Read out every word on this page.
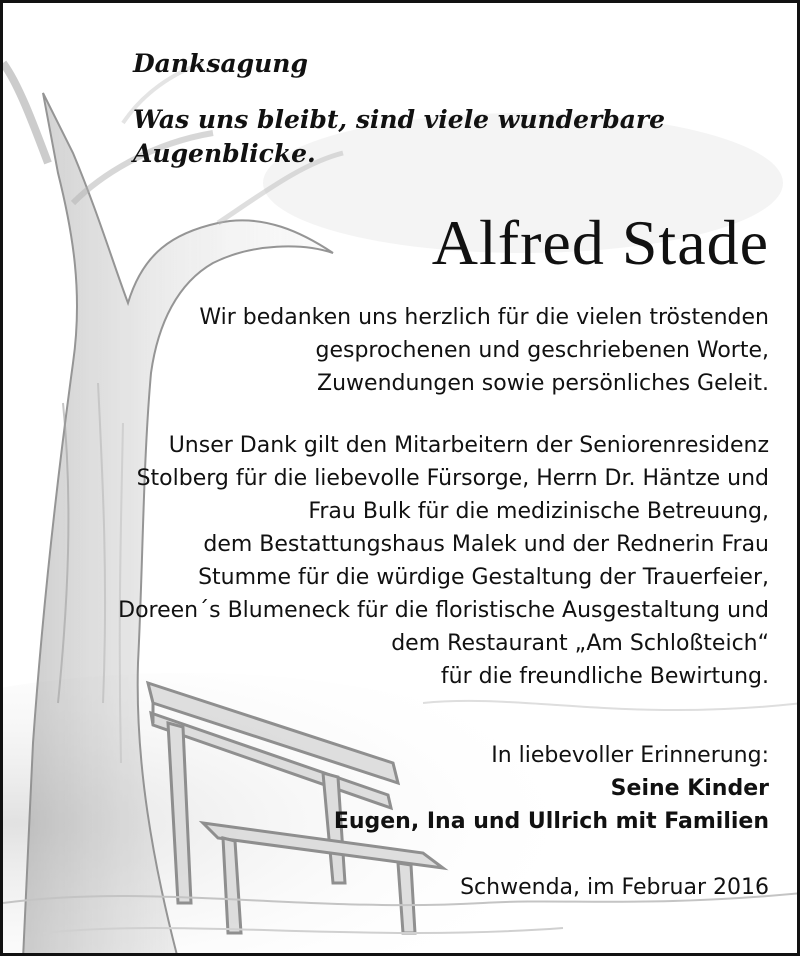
Danksagung
Was uns bleibt, sind viele wunderbare
Augenblicke.
Alfred Stade
Wir bedanken uns herzlich für die vielen tröstenden
gesprochenen und geschriebenen Worte,
Zuwendungen sowie persönliches Geleit.
Unser Dank gilt den Mitarbeitern der Seniorenresidenz
Stolberg für die liebevolle Fürsorge, Herrn Dr. Häntze und
Frau Bulk für die medizinische Betreuung,
dem Bestattungshaus Malek und der Rednerin Frau
Stumme für die würdige Gestaltung der Trauerfeier,
Doreen´s Blumeneck für die floristische Ausgestaltung und
dem Restaurant „Am Schloßteich“
für die freundliche Bewirtung.
In liebevoller Erinnerung:
Seine Kinder
Eugen, Ina und Ullrich mit Familien
Schwenda, im Februar 2016
